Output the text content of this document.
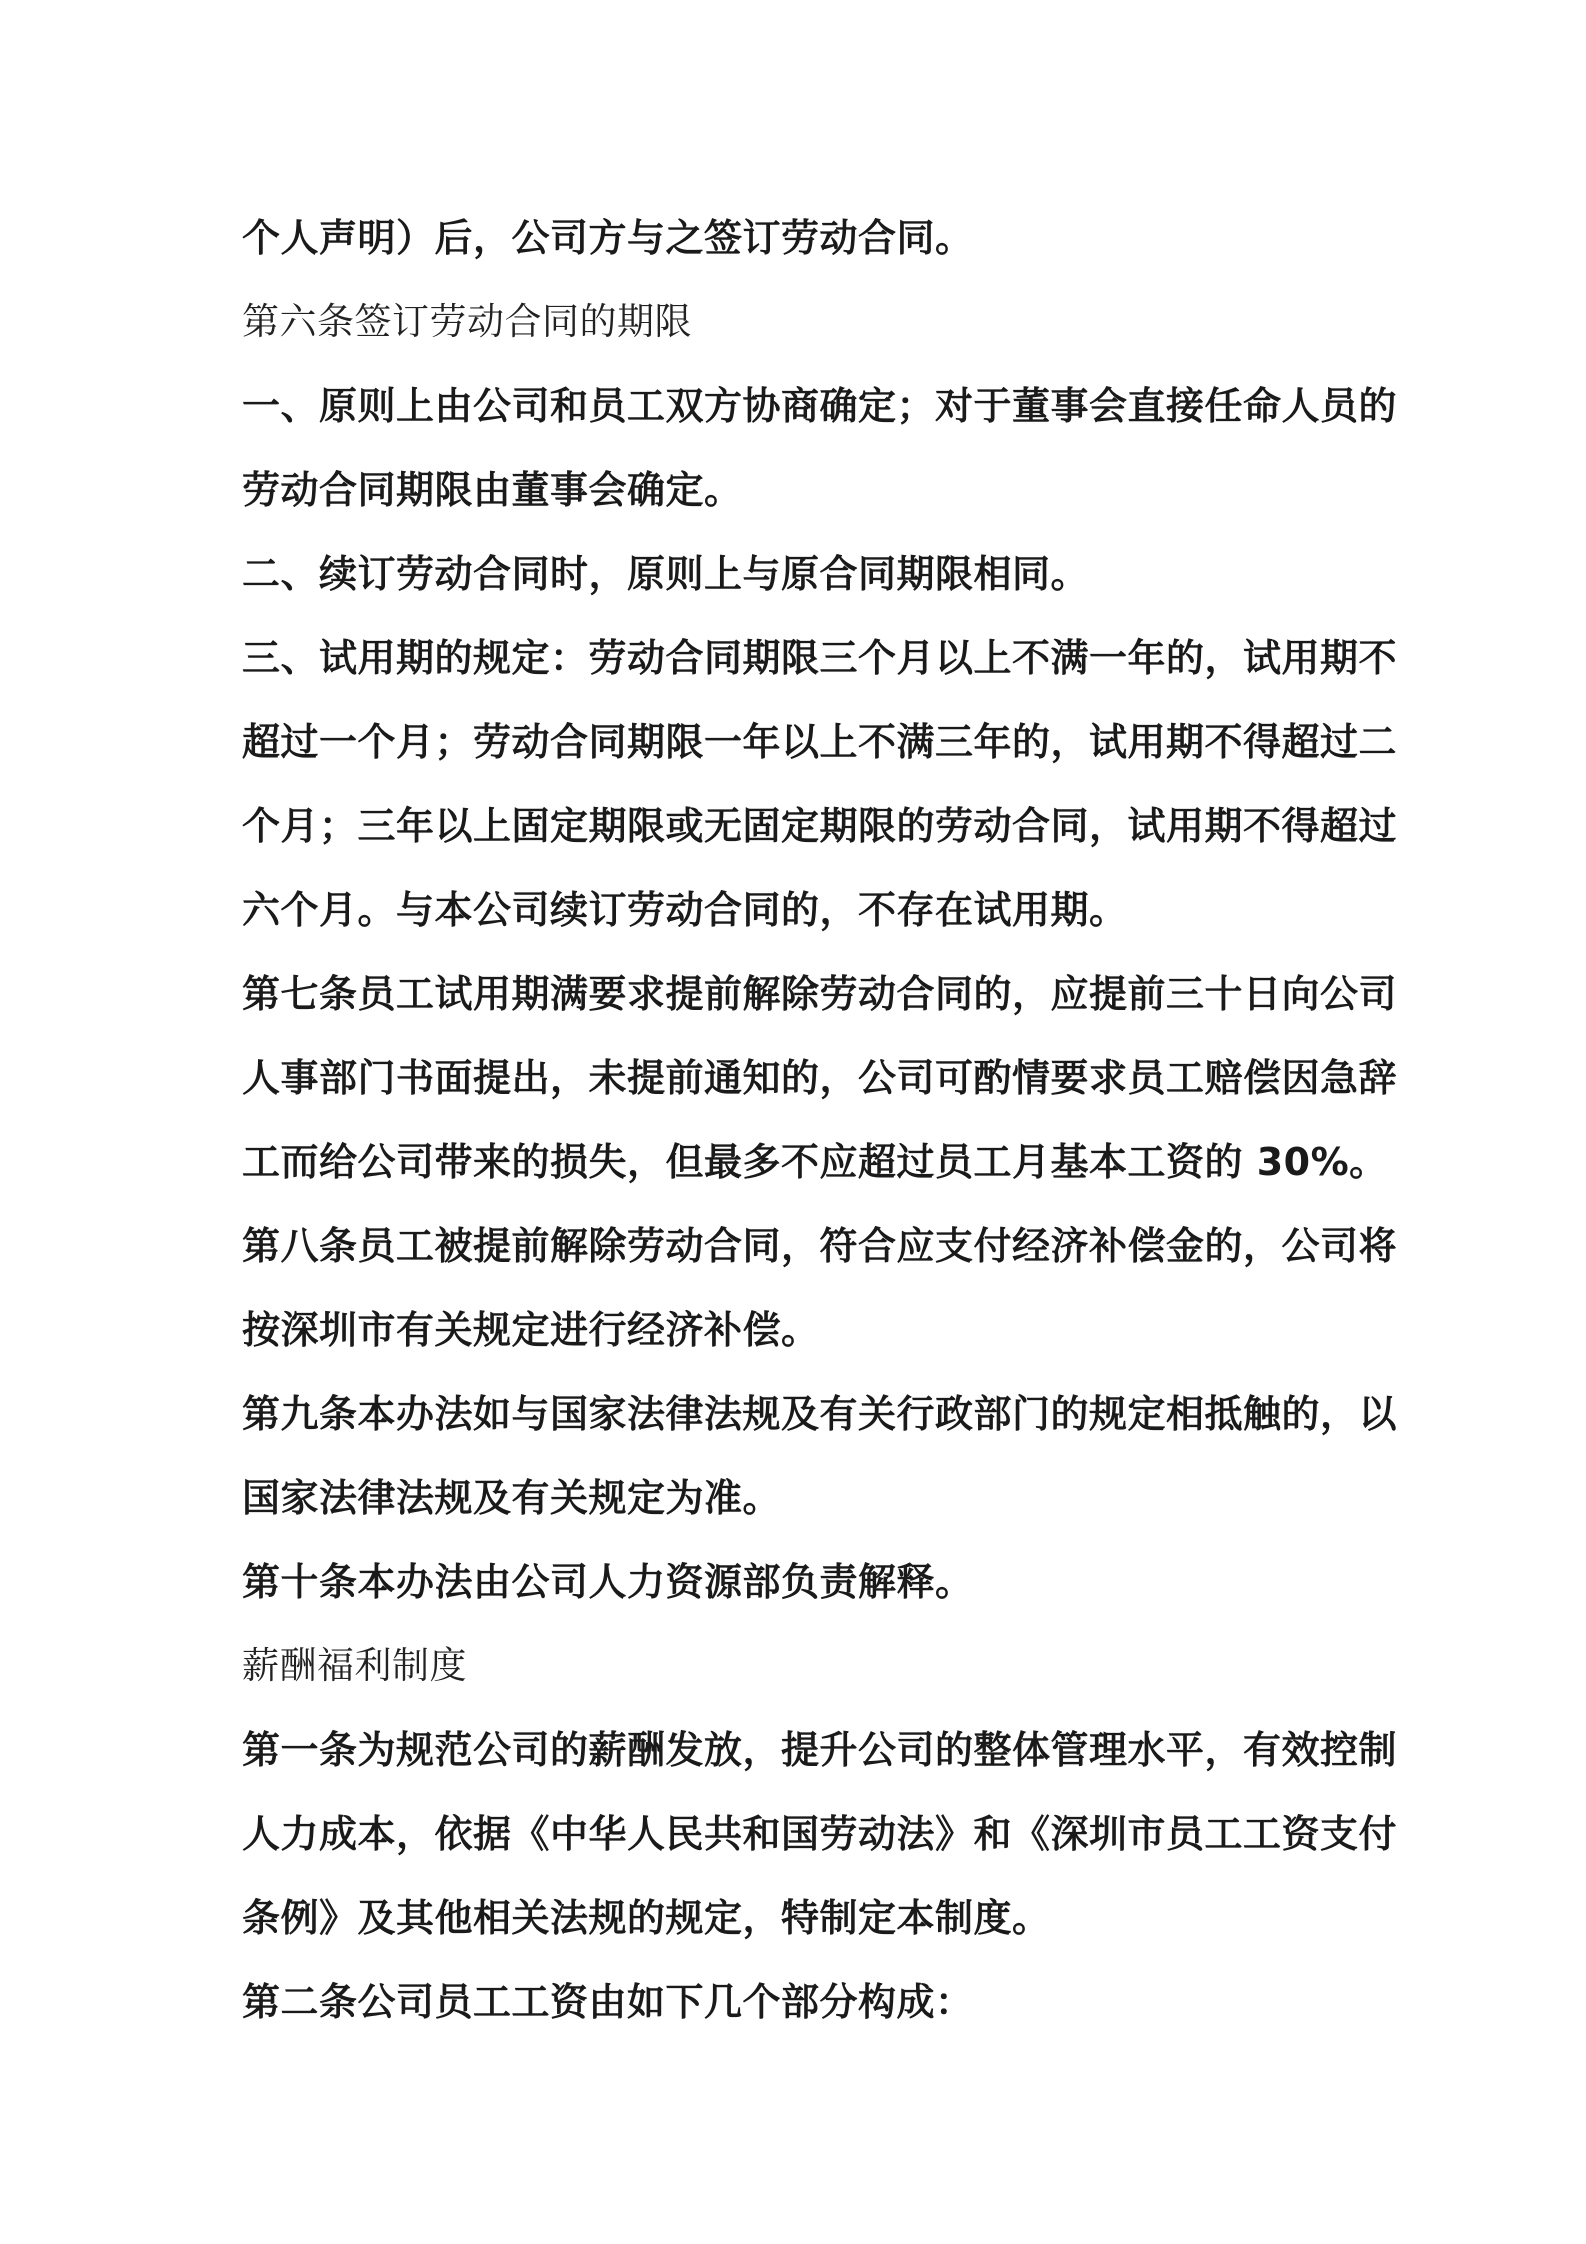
个人声明）后，公司方与之签订劳动合同。
第六条签订劳动合同的期限
一、原则上由公司和员工双方协商确定；对于董事会直接任命人员的
劳动合同期限由董事会确定。
二、续订劳动合同时，原则上与原合同期限相同。
三、试用期的规定：劳动合同期限三个月以上不满一年的，试用期不
超过一个月；劳动合同期限一年以上不满三年的，试用期不得超过二
个月；三年以上固定期限或无固定期限的劳动合同，试用期不得超过
六个月。与本公司续订劳动合同的，不存在试用期。
第七条员工试用期满要求提前解除劳动合同的，应提前三十日向公司
人事部门书面提出，未提前通知的，公司可酌情要求员工赔偿因急辞
工而给公司带来的损失，但最多不应超过员工月基本工资的 30%。
第八条员工被提前解除劳动合同，符合应支付经济补偿金的，公司将
按深圳市有关规定进行经济补偿。
第九条本办法如与国家法律法规及有关行政部门的规定相抵触的，以
国家法律法规及有关规定为准。
第十条本办法由公司人力资源部负责解释。
薪酬福利制度
第一条为规范公司的薪酬发放，提升公司的整体管理水平，有效控制
人力成本，依据《中华人民共和国劳动法》和《深圳市员工工资支付
条例》及其他相关法规的规定，特制定本制度。
第二条公司员工工资由如下几个部分构成：
